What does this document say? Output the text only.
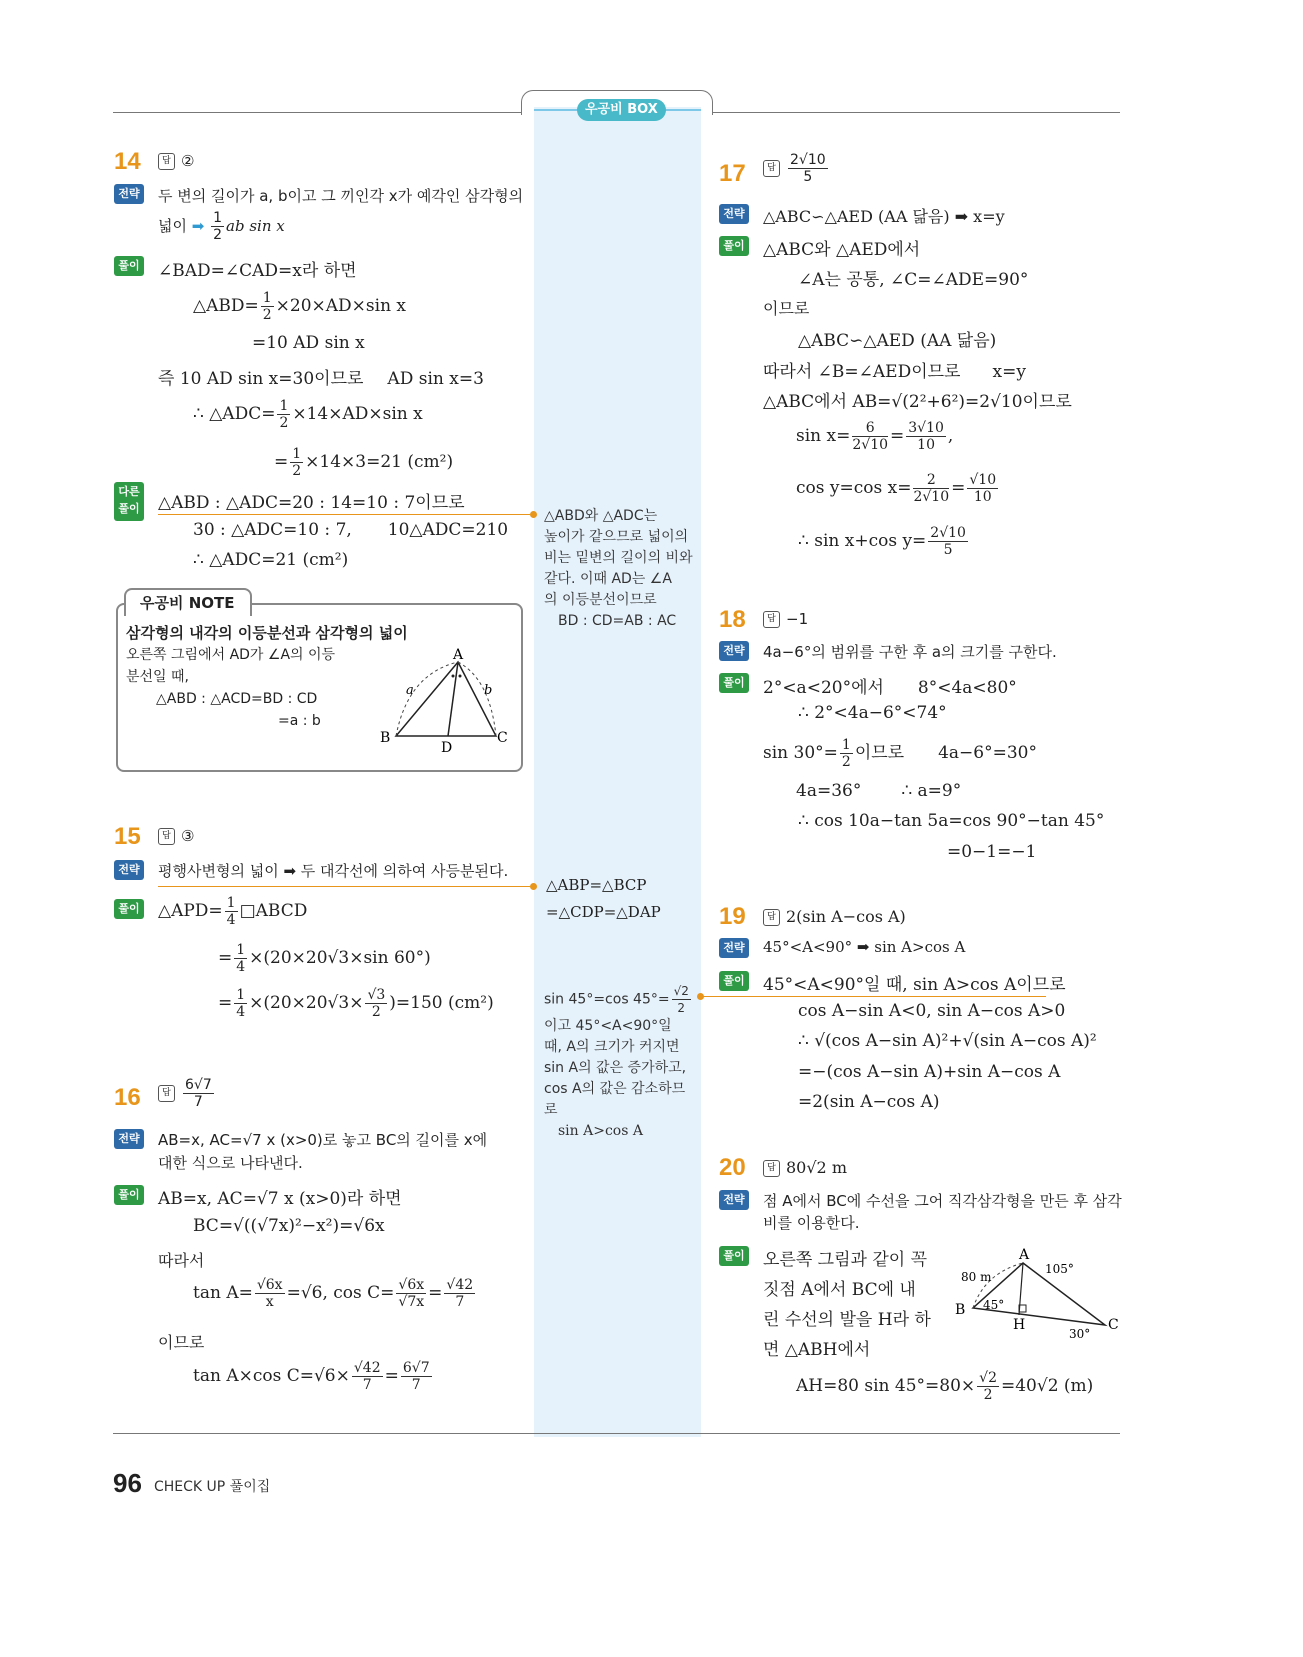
우공비 BOX
14	답 ②
전략 두 변의 길이가 a, b이고 그 끼인각 x가 예각인 삼각형의
넓이 ➡ $\frac{1}{2}$ ab sin x
풀이 ∠BAD=∠CAD=x라 하면
△ABD= $\frac{1}{2} \times 20\times AD\times\sin$ x
=10 AD sin x
즉 10 AD sin x=30이므로 AD sin x=3
∴ △ADC= $\frac{1}{2} \times 14\times AD\times\sin$ x
= $\frac{1}{2} \times 14\times 3=21$ (cm²)
다른
풀이 △ABD : △ADC=20 : 14=10 : 7이므로
30 : △ADC=10 : 7, 10△ADC=210
∴ △ADC=21 (cm²)
△ABD와 △ADC는
높이가 같으므로 넓이의
비는 밑변의 길이의 비와
같다. 이때 AD는 ∠A
의 이등분선이므로
BD : CD=AB : AC
우공비 NOTE
삼각형의 내각의 이등분선과 삼각형의 넓이
오른쪽 그림에서 AD가 ∠A의 이등
분선일 때,
△ABD : △ACD=BD : CD
=a : b
A
B	C
D
a	b
15	답 ③
전략 평행사변형의 넓이 ➡ 두 대각선에 의하여 사등분된다.
△ABP=△BCP
=△CDP=△DAP
풀이 △APD= $\frac{1}{4}$ □ABCD
= $\frac{1}{4} \times(20\times 20√3\times\sin$ 60°)
= $\frac{1}{4} \times(20\times 20√3\times \frac{√3}{2} )=150$ (cm²)	sin 45°=cos $45^\circ= \frac{√2}{2}$
이고 45°<A<90°일
때, A의 크기가 커지면
sin A의 값은 증가하고,
cos A의 값은 감소하므
로
sin A>cos A
16	답 $\frac{6√7}{7}$
전략 AB=x, AC=√7 x (x>0)로 놓고 BC의 길이를 x에
대한 식으로 나타낸다.
풀이 AB=x, AC=√7 x (x>0)라 하면
BC=√((√7x)²−x²)=√6x
따라서
$\tan A= \frac{√6x}{x} =√6$, $\cos C= \frac{√6x}{√7x} = \frac{√42}{7}$
이므로
tan A×cos $C=√6\times \frac{√42}{7} = \frac{6√7}{7}$
17	답 $\frac{2√10}{5}$
전략 △ABC∽△AED (AA 닮음) ➡ x=y
풀이 △ABC와 △AED에서
∠A는 공통, ∠C=∠ADE=90°
이므로
△ABC∽△AED (AA 닮음)
따라서 ∠B=∠AED이므로 x=y
△ABC에서 AB=√(2²+6²)=2√10이므로
$\sin x= \frac{6}{2√10} = \frac{3√10}{10}$ ,
cos y=cos $x= \frac{2}{2√10} = \frac{√10}{10}$
∴ sin x+cos $y= \frac{2√10}{5}$
18	답 −1
전략 4a−6°의 범위를 구한 후 a의 크기를 구한다.
풀이 2°<a<20°에서 8°<4a<80°
∴ 2°<4a−6°<74°
$\sin 30^\circ= \frac{1}{2}$ 이므로 4a−6°=30°
4a=36° ∴ a=9°
∴ cos 10a−tan 5a=cos 90°−tan 45°
=0−1=−1
19	답 2(sin A−cos A)
전략 45°<A<90° ➡ sin A>cos A
풀이 45°<A<90°일 때, sin A>cos A이므로
cos A−sin A<0, sin A−cos A>0
∴ √(cos A−sin A)²+√(sin A−cos A)²
=−(cos A−sin A)+sin A−cos A
=2(sin A−cos A)
20	답 80√2 m
전략 점 A에서 BC에 수선을 그어 직각삼각형을 만든 후 삼각
비를 이용한다.
풀이 오른쪽 그림과 같이 꼭
짓점 A에서 BC에 내
린 수선의 발을 H라 하
면 △ABH에서
AH=80 $\sin 45^\circ=80\times \frac{√2}{2} =40√2$ (m)
A
B
C
H
80 m
45°
105°
30°
96 CHECK UP 풀이집
